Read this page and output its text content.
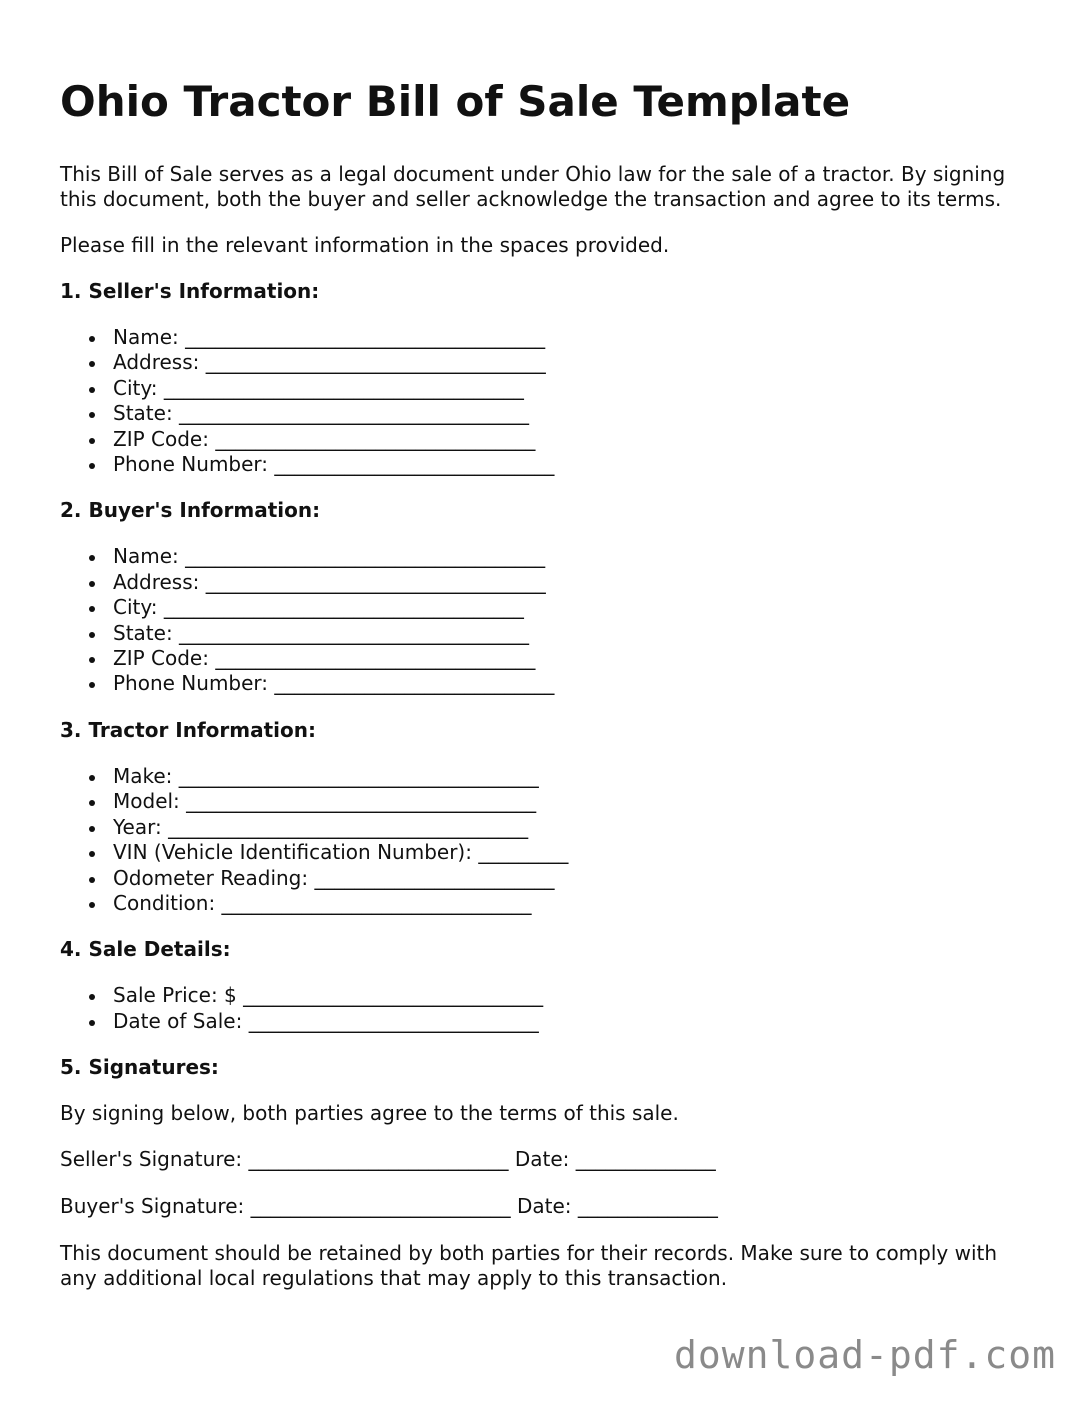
Ohio Tractor Bill of Sale Template

This Bill of Sale serves as a legal document under Ohio law for the sale of a tractor. By signing this document, both the buyer and seller acknowledge the transaction and agree to its terms.

Please fill in the relevant information in the spaces provided.

1. Seller's Information:
Name: ____________________________________
Address: __________________________________
City: ____________________________________
State: ___________________________________
ZIP Code: ________________________________
Phone Number: ____________________________
2. Buyer's Information:
Name: ____________________________________
Address: __________________________________
City: ____________________________________
State: ___________________________________
ZIP Code: ________________________________
Phone Number: ____________________________
3. Tractor Information:
Make: ____________________________________
Model: ___________________________________
Year: ____________________________________
VIN (Vehicle Identification Number): _________
Odometer Reading: ________________________
Condition: _______________________________
4. Sale Details:
Sale Price: $ ______________________________
Date of Sale: _____________________________
5. Signatures:

By signing below, both parties agree to the terms of this sale.

Seller's Signature: __________________________ Date: ______________
Buyer's Signature: __________________________ Date: ______________

This document should be retained by both parties for their records. Make sure to comply with any additional local regulations that may apply to this transaction.

download-pdf.com
